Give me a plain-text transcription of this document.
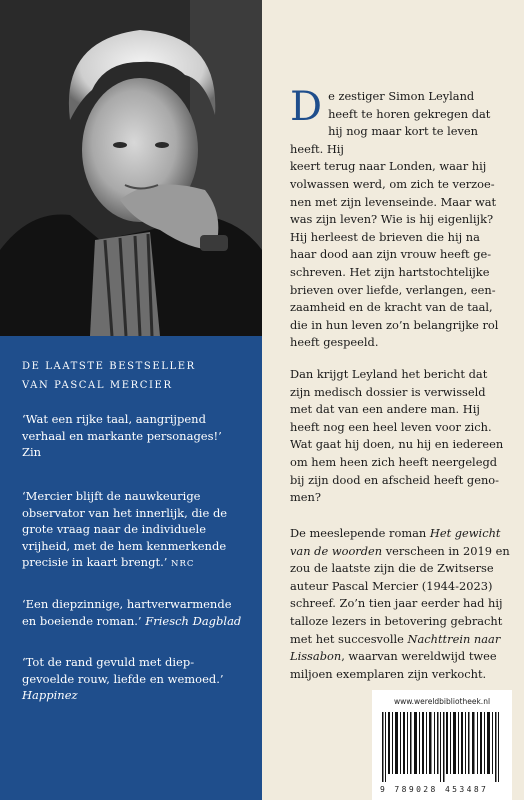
DE LAATSTE BESTSELLER
VAN PASCAL MERCIER
‘Wat een rijke taal, aangrijpend
verhaal en markante personages!’
Zin
‘Mercier blijft de nauwkeurige
observator van het innerlijk, die de
grote vraag naar de individuele
vrijheid, met de hem kenmerkende
precisie in kaart brengt.’ NRC
‘Een diepzinnige, hartverwarmende
en boeiende roman.’ Friesch Dagblad
‘Tot de rand gevuld met diep-
gevoelde rouw, liefde en wemoed.’
Happinez
D e zestiger Simon Leyland
heeft te horen gekregen dat
hij nog maar kort te leven heeft. Hij
keert terug naar Londen, waar hij
volwassen werd, om zich te verzoe-
nen met zijn levenseinde. Maar wat
was zijn leven? Wie is hij eigenlijk?
Hij herleest de brieven die hij na
haar dood aan zijn vrouw heeft ge-
schreven. Het zijn hartstochtelijke
brieven over liefde, verlangen, een-
zaamheid en de kracht van de taal,
die in hun leven zo’n belangrijke rol
heeft gespeeld.
Dan krijgt Leyland het bericht dat
zijn medisch dossier is verwisseld
met dat van een andere man. Hij
heeft nog een heel leven voor zich.
Wat gaat hij doen, nu hij en iedereen
om hem heen zich heeft neergelegd
bij zijn dood en afscheid heeft geno-
men?
De meeslepende roman Het gewicht
van de woorden verscheen in 2019 en
zou de laatste zijn die de Zwitserse
auteur Pascal Mercier (1944-2023)
schreef. Zo’n tien jaar eerder had hij
talloze lezers in betovering gebracht
met het succesvolle Nachttrein naar
Lissabon, waarvan wereldwijd twee
miljoen exemplaren zijn verkocht.
www.wereldbibliotheek.nl
9 789028 453487
